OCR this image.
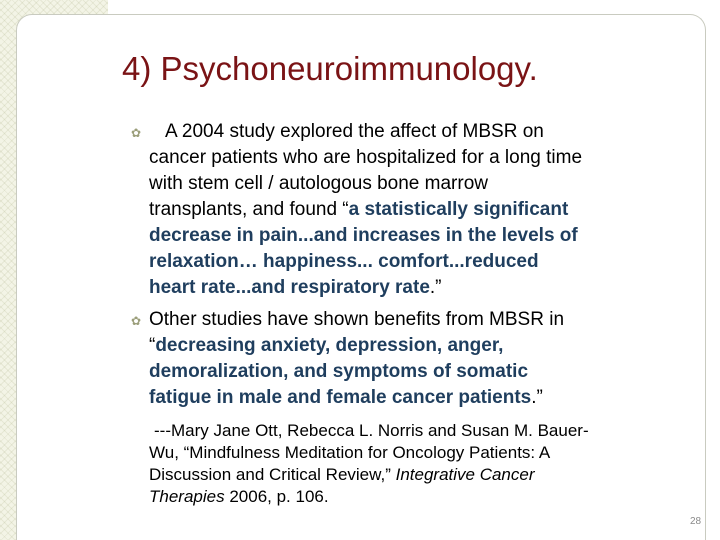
4) Psychoneuroimmunology.
✿ A 2004 study explored the affect of MBSR on
cancer patients who are hospitalized for a long time
with stem cell / autologous bone marrow
transplants, and found “a statistically significant
decrease in pain...and increases in the levels of
relaxation… happiness... comfort...reduced
heart rate...and respiratory rate.”
✿ Other studies have shown benefits from MBSR in
“decreasing anxiety, depression, anger,
demoralization, and symptoms of somatic
fatigue in male and female cancer patients.”
---Mary Jane Ott, Rebecca L. Norris and Susan M. Bauer-
Wu, “Mindfulness Meditation for Oncology Patients: A
Discussion and Critical Review,” Integrative Cancer
Therapies 2006, p. 106.
28
